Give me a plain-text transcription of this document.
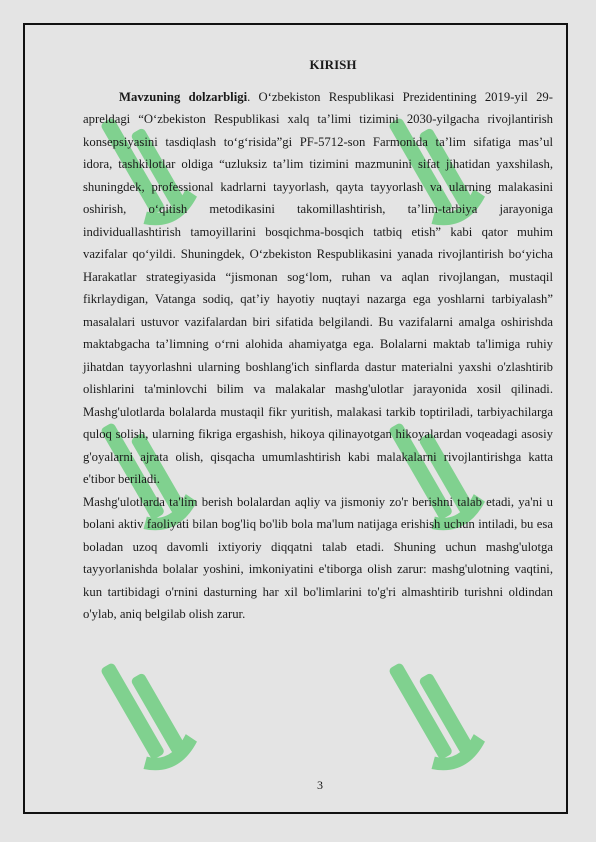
KIRISH

Mavzuning dolzarbligi. O‘zbekiston Respublikasi Prezidentining 2019-yil 29-apreldagi “O‘zbekiston Respublikasi xalq ta’limi tizimini 2030-yilgacha rivojlantirish konsepsiyasini tasdiqlash to‘g‘risida”gi PF-5712-son Farmonida ta’lim sifatiga mas’ul idora, tashkilotlar oldiga “uzluksiz ta’lim tizimini mazmunini sifat jihatidan yaxshilash, shuningdek, professional kadrlarni tayyorlash, qayta tayyorlash va ularning malakasini oshirish, o‘qitish metodikasini takomillashtirish, ta’lim-tarbiya jarayoniga individuallashtirish tamoyillarini bosqichma-bosqich tatbiq etish” kabi qator muhim vazifalar qo‘yildi. Shuningdek, O‘zbekiston Respublikasini yanada rivojlantirish bo‘yicha Harakatlar strategiyasida “jismonan sog‘lom, ruhan va aqlan rivojlangan, mustaqil fikrlaydigan, Vatanga sodiq, qat’iy hayotiy nuqtayi nazarga ega yoshlarni tarbiyalash” masalalari ustuvor vazifalardan biri sifatida belgilandi. Bu vazifalarni amalga oshirishda maktabgacha ta’limning o‘rni alohida ahamiyatga ega. Bolalarni maktab ta'limiga ruhiy jihatdan tayyorlashni ularning boshlang'ich sinflarda dastur materialni yaxshi o'zlashtirib olishlarini ta'minlovchi bilim va malakalar mashg'ulotlar jarayonida xosil qilinadi. Mashg'ulotlarda bolalarda mustaqil fikr yuritish, malakasi tarkib toptiriladi, tarbiyachilarga quloq solish, ularning fikriga ergashish, hikoya qilinayotgan hikoyalardan voqeadagi asosiy g'oyalarni ajrata olish, qisqacha umumlashtirish kabi malakalarni rivojlantirishga katta e'tibor beriladi.

Mashg'ulotlarda ta'lim berish bolalardan aqliy va jismoniy zo'r berishni talab etadi, ya'ni u bolani aktiv faoliyati bilan bog'liq bo'lib bola ma'lum natijaga erishish uchun intiladi, bu esa boladan uzoq davomli ixtiyoriy diqqatni talab etadi. Shuning uchun mashg'ulotga tayyorlanishda bolalar yoshini, imkoniyatini e'tiborga olish zarur: mashg'ulotning vaqtini, kun tartibidagi o'rnini dasturning har xil bo'limlarini to'g'ri almashtirib turishni oldindan o'ylab, aniq belgilab olish zarur.

3
